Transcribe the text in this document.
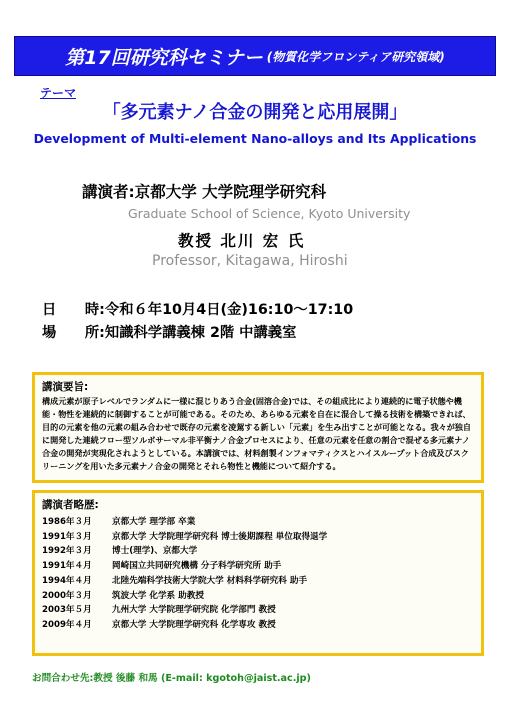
第17回研究科セミナー (物質化学フロンティア研究領域)
テーマ
「多元素ナノ合金の開発と応用展開」
Development of Multi-element Nano-alloys and Its Applications
講演者:京都大学 大学院理学研究科
Graduate School of Science, Kyoto University
教授 北川 宏 氏
Professor, Kitagawa, Hiroshi
日　　時:令和６年10月4日(金)16:10～17:10
場　　所:知識科学講義棟 2階 中講義室
講演要旨:
構成元素が原子レベルでランダムに一様に混じりあう合金(固溶合金)では、その組成比により連続的に電子状態や機能・物性を連続的に制御することが可能である。そのため、あらゆる元素を自在に混合して操る技術を構築できれば、目的の元素を他の元素の組み合わせで既存の元素を凌駕する新しい「元素」を生み出すことが可能となる。我々が独自に開発した連続フロー型ソルボサーマル非平衡ナノ合金プロセスにより、任意の元素を任意の割合で混ぜる多元素ナノ合金の開発が実現化されようとしている。本講演では、材料創製インフォマティクスとハイスループット合成及びスクリーニングを用いた多元素ナノ合金の開発とそれら物性と機能について紹介する。
講演者略歴:
1986年３月	京都大学 理学部 卒業
1991年３月	京都大学 大学院理学研究科 博士後期課程 単位取得退学
1992年３月	博士(理学)、京都大学
1991年４月	岡崎国立共同研究機構 分子科学研究所 助手
1994年４月	北陸先端科学技術大学院大学 材料科学研究科 助手
2000年３月	筑波大学 化学系 助教授
2003年５月	九州大学 大学院理学研究院 化学部門 教授
2009年４月	京都大学 大学院理学研究科 化学専攻 教授
お問合わせ先:教授 後藤 和馬 (E-mail: kgotoh@jaist.ac.jp)
